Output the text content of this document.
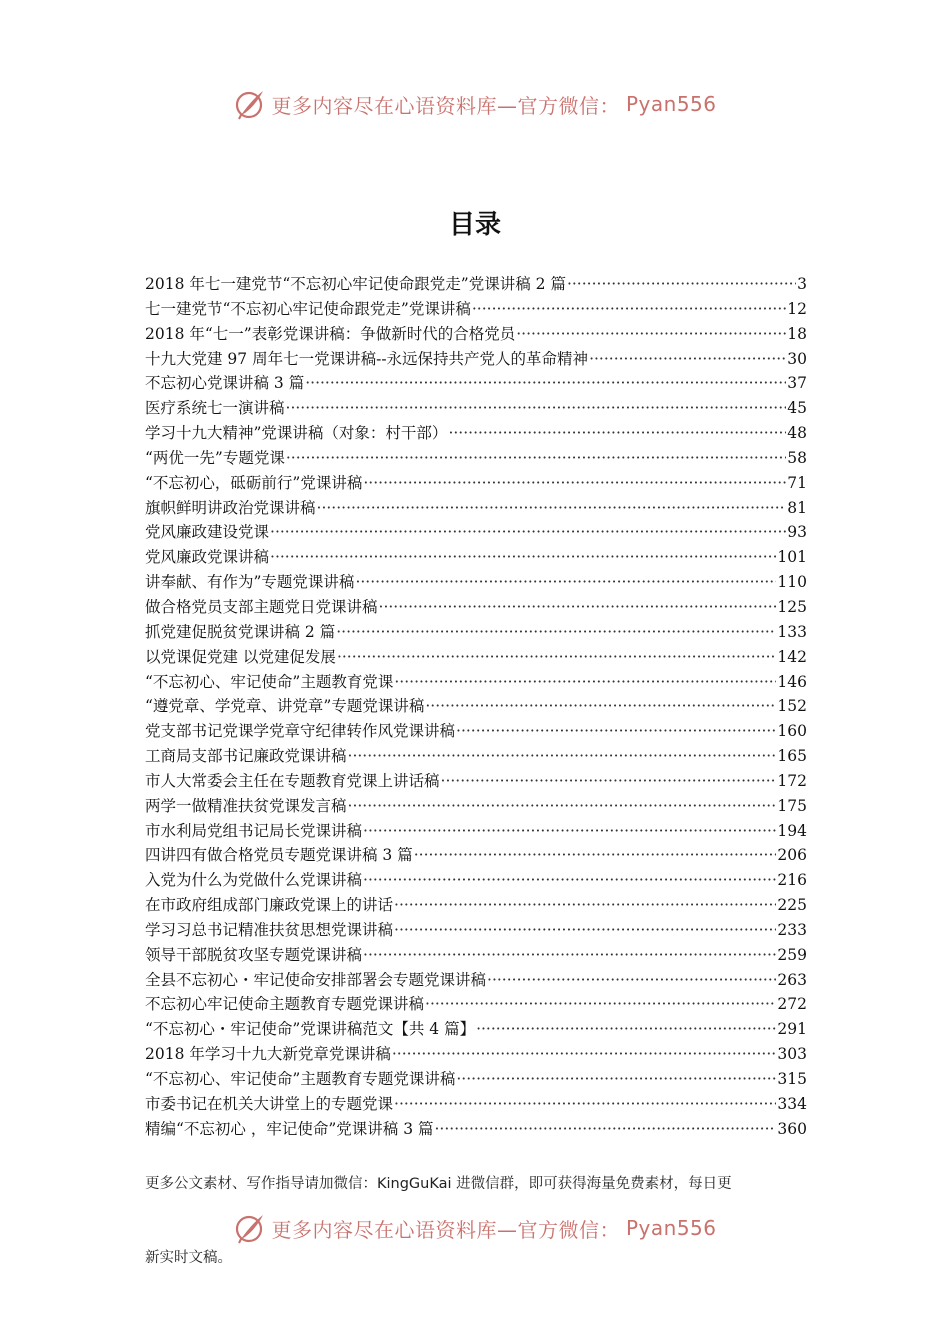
更多内容尽在心语资料库—官方微信： Pyan556
目录
2018 年七一建党节“不忘初心牢记使命跟党走”党课讲稿 2 篇 ·····	3
七一建党节“不忘初心牢记使命跟党走”党课讲稿 ·····	12
2018 年“七一”表彰党课讲稿：争做新时代的合格党员 ·····	18
十九大党建 97 周年七一党课讲稿--永远保持共产党人的革命精神 ·····	30
不忘初心党课讲稿 3 篇 ·····	37
医疗系统七一演讲稿 ·····	45
学习十九大精神”党课讲稿（对象：村干部） ·····	48
“两优一先”专题党课 ·····	58
“不忘初心，砥砺前行”党课讲稿 ·····	71
旗帜鲜明讲政治党课讲稿 ·····	81
党风廉政建设党课 ·····	93
党风廉政党课讲稿 ·····	101
讲奉献、有作为”专题党课讲稿 ·····	110
做合格党员支部主题党日党课讲稿 ·····	125
抓党建促脱贫党课讲稿 2 篇 ·····	133
以党课促党建 以党建促发展 ·····	142
“不忘初心、牢记使命”主题教育党课 ·····	146
“遵党章、学党章、讲党章”专题党课讲稿 ·····	152
党支部书记党课学党章守纪律转作风党课讲稿 ·····	160
工商局支部书记廉政党课讲稿 ·····	165
市人大常委会主任在专题教育党课上讲话稿 ·····	172
两学一做精准扶贫党课发言稿 ·····	175
市水利局党组书记局长党课讲稿 ·····	194
四讲四有做合格党员专题党课讲稿 3 篇 ·····	206
入党为什么为党做什么党课讲稿 ·····	216
在市政府组成部门廉政党课上的讲话 ·····	225
学习习总书记精准扶贫思想党课讲稿 ·····	233
领导干部脱贫攻坚专题党课讲稿 ·····	259
全县不忘初心・牢记使命安排部署会专题党课讲稿 ·····	263
不忘初心牢记使命主题教育专题党课讲稿 ·····	272
“不忘初心・牢记使命”党课讲稿范文【共 4 篇】 ·····	291
2018 年学习十九大新党章党课讲稿 ·····	303
“不忘初心、牢记使命”主题教育专题党课讲稿 ·····	315
市委书记在机关大讲堂上的专题党课 ·····	334
精编“不忘初心 ，牢记使命”党课讲稿 3 篇 ·····	360
更多公文素材、写作指导请加微信：KingGuKai 进微信群，即可获得海量免费素材，每日更
更多内容尽在心语资料库—官方微信： Pyan556
新实时文稿。
